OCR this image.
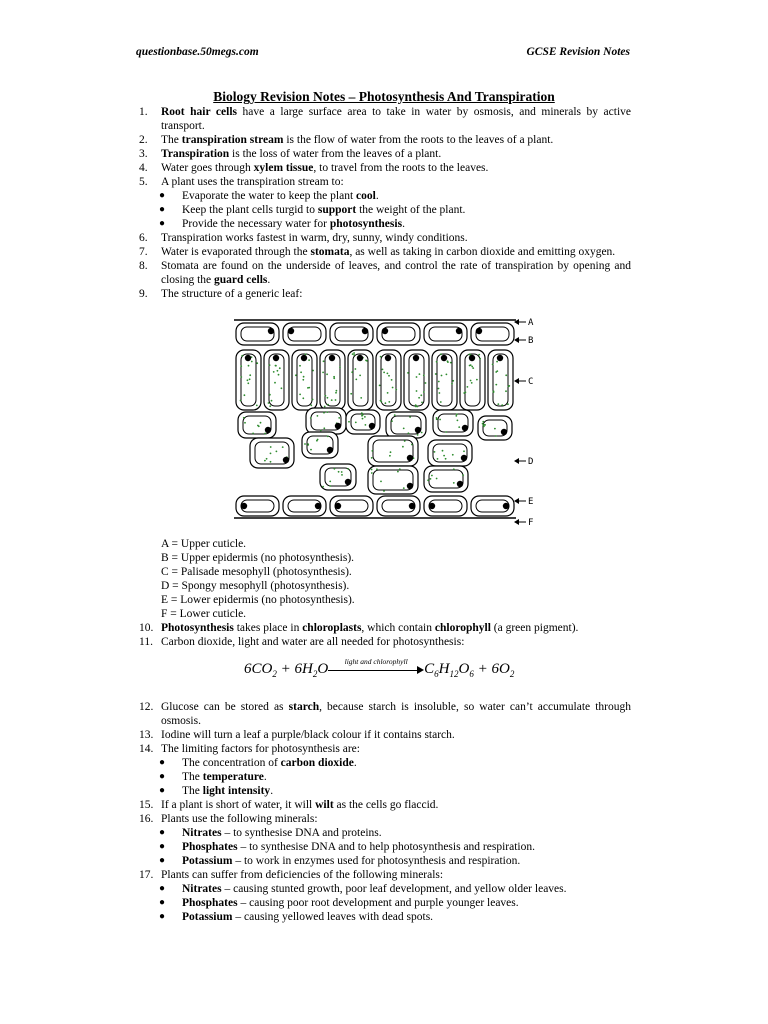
questionbase.50megs.com	GCSE Revision Notes
Biology Revision Notes – Photosynthesis And Transpiration
1. Root hair cells have a large surface area to take in water by osmosis, and minerals by active transport.
2. The transpiration stream is the flow of water from the roots to the leaves of a plant.
3. Transpiration is the loss of water from the leaves of a plant.
4. Water goes through xylem tissue, to travel from the roots to the leaves.
5. A plant uses the transpiration stream to:
● Evaporate the water to keep the plant cool.
● Keep the plant cells turgid to support the weight of the plant.
● Provide the necessary water for photosynthesis.
6. Transpiration works fastest in warm, dry, sunny, windy conditions.
7. Water is evaporated through the stomata, as well as taking in carbon dioxide and emitting oxygen.
8. Stomata are found on the underside of leaves, and control the rate of transpiration by opening and closing the guard cells.
9. The structure of a generic leaf:
A
B
C
D
E
F
A = Upper cuticle.
B = Upper epidermis (no photosynthesis).
C = Palisade mesophyll (photosynthesis).
D = Spongy mesophyll (photosynthesis).
E = Lower epidermis (no photosynthesis).
F = Lower cuticle.
10. Photosynthesis takes place in chloroplasts, which contain chlorophyll (a green pigment).
11. Carbon dioxide, light and water are all needed for photosynthesis:
$6CO_2 + 6H_2O$	light and chlorophyll	$C_6H_{12}O_6 + 6O_2$
12. Glucose can be stored as starch, because starch is insoluble, so water can’t accumulate through osmosis.
13. Iodine will turn a leaf a purple/black colour if it contains starch.
14. The limiting factors for photosynthesis are:
● The concentration of carbon dioxide.
● The temperature.
● The light intensity.
15. If a plant is short of water, it will wilt as the cells go flaccid.
16. Plants use the following minerals:
● Nitrates – to synthesise DNA and proteins.
● Phosphates – to synthesise DNA and to help photosynthesis and respiration.
● Potassium – to work in enzymes used for photosynthesis and respiration.
17. Plants can suffer from deficiencies of the following minerals:
● Nitrates – causing stunted growth, poor leaf development, and yellow older leaves.
● Phosphates – causing poor root development and purple younger leaves.
● Potassium – causing yellowed leaves with dead spots.
